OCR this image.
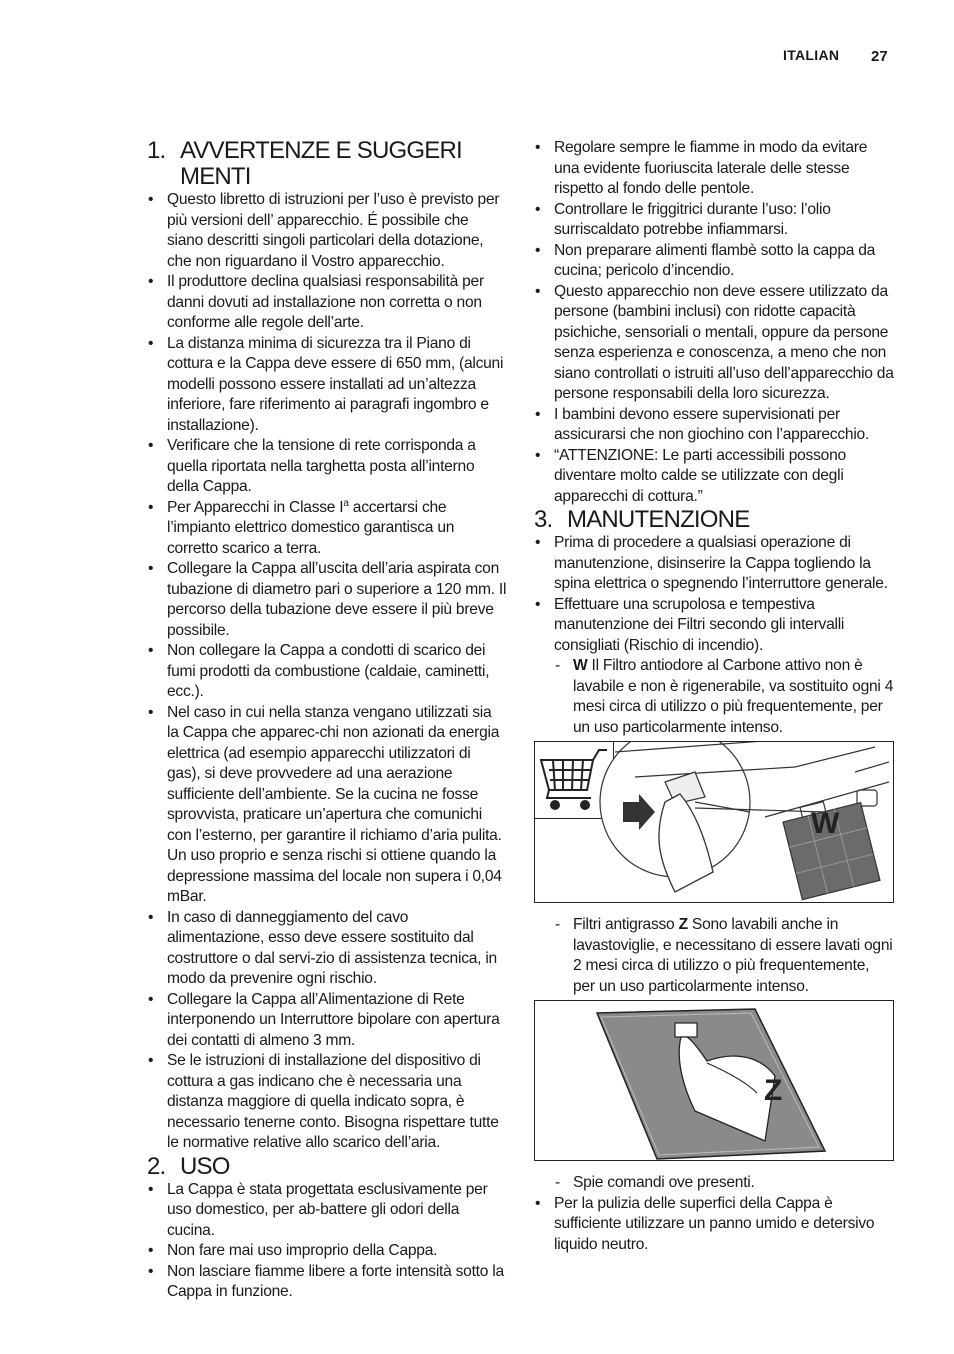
ITALIAN 27
1. AVVERTENZE E SUGGERI
MENTI
• Questo libretto di istruzioni per l’uso è previsto per più versioni dell’ apparecchio. É possibile che siano descritti singoli particolari della dotazione, che non riguardano il Vostro apparecchio.
• Il produttore declina qualsiasi responsabilità per danni dovuti ad installazione non corretta o non conforme alle regole dell’arte.
• La distanza minima di sicurezza tra il Piano di cottura e la Cappa deve essere di 650 mm, (alcuni modelli possono essere installati ad un’altezza inferiore, fare riferimento ai paragrafi ingombro e installazione).
• Verificare che la tensione di rete corrisponda a quella riportata nella targhetta posta all’interno della Cappa.
• Per Apparecchi in Classe $I^a$ accertarsi che l’impianto elettrico domestico garantisca un corretto scarico a terra.
• Collegare la Cappa all’uscita dell’aria aspirata con tubazione di diametro pari o superiore a 120 mm. Il percorso della tubazione deve essere il più breve possibile.
• Non collegare la Cappa a condotti di scarico dei fumi prodotti da combustione (caldaie, caminetti, ecc.).
• Nel caso in cui nella stanza vengano utilizzati sia la Cappa che apparec-chi non azionati da energia elettrica (ad esempio apparecchi utilizzatori di gas), si deve provvedere ad una aerazione sufficiente dell’ambiente. Se la cucina ne fosse sprovvista, praticare un’apertura che comunichi con l’esterno, per garantire il richiamo d’aria pulita. Un uso proprio e senza rischi si ottiene quando la depressione massima del locale non supera i 0,04 mBar.
• In caso di danneggiamento del cavo alimentazione, esso deve essere sostituito dal costruttore o dal servi-zio di assistenza tecnica, in modo da prevenire ogni rischio.
• Collegare la Cappa all’Alimentazione di Rete interponendo un Interruttore bipolare con apertura dei contatti di almeno 3 mm.
• Se le istruzioni di installazione del dispositivo di cottura a gas indicano che è necessaria una distanza maggiore di quella indicato sopra, è necessario tenerne conto. Bisogna rispettare tutte le normative relative allo scarico dell’aria.
2. USO
• La Cappa è stata progettata esclusivamente per uso domestico, per ab-battere gli odori della cucina.
• Non fare mai uso improprio della Cappa.
• Non lasciare fiamme libere a forte intensità sotto la Cappa in funzione.
• Regolare sempre le fiamme in modo da evitare una evidente fuoriuscita laterale delle stesse rispetto al fondo delle pentole.
• Controllare le friggitrici durante l’uso: l’olio surriscaldato potrebbe infiammarsi.
• Non preparare alimenti flambè sotto la cappa da cucina; pericolo d’incendio.
• Questo apparecchio non deve essere utilizzato da persone (bambini inclusi) con ridotte capacità psichiche, sensoriali o mentali, oppure da persone senza esperienza e conoscenza, a meno che non siano controllati o istruiti all’uso dell’apparecchio da persone responsabili della loro sicurezza.
• I bambini devono essere supervisionati per assicurarsi che non giochino con l’apparecchio.
• “ATTENZIONE: Le parti accessibili possono diventare molto calde se utilizzate con degli apparecchi di cottura.”
3. MANUTENZIONE
• Prima di procedere a qualsiasi operazione di manutenzione, disinserire la Cappa togliendo la spina elettrica o spegnendo l’interruttore generale.
• Effettuare una scrupolosa e tempestiva manutenzione dei Filtri secondo gli intervalli consigliati (Rischio di incendio).
- W Il Filtro antiodore al Carbone attivo non è lavabile e non è rigenerabile, va sostituito ogni 4 mesi circa di utilizzo o più frequentemente, per un uso particolarmente intenso.
W
- Filtri antigrasso Z Sono lavabili anche in lavastoviglie, e necessitano di essere lavati ogni 2 mesi circa di utilizzo o più frequentemente, per un uso particolarmente intenso.
Z
- Spie comandi ove presenti.
• Per la pulizia delle superfici della Cappa è sufficiente utilizzare un panno umido e detersivo liquido neutro.
